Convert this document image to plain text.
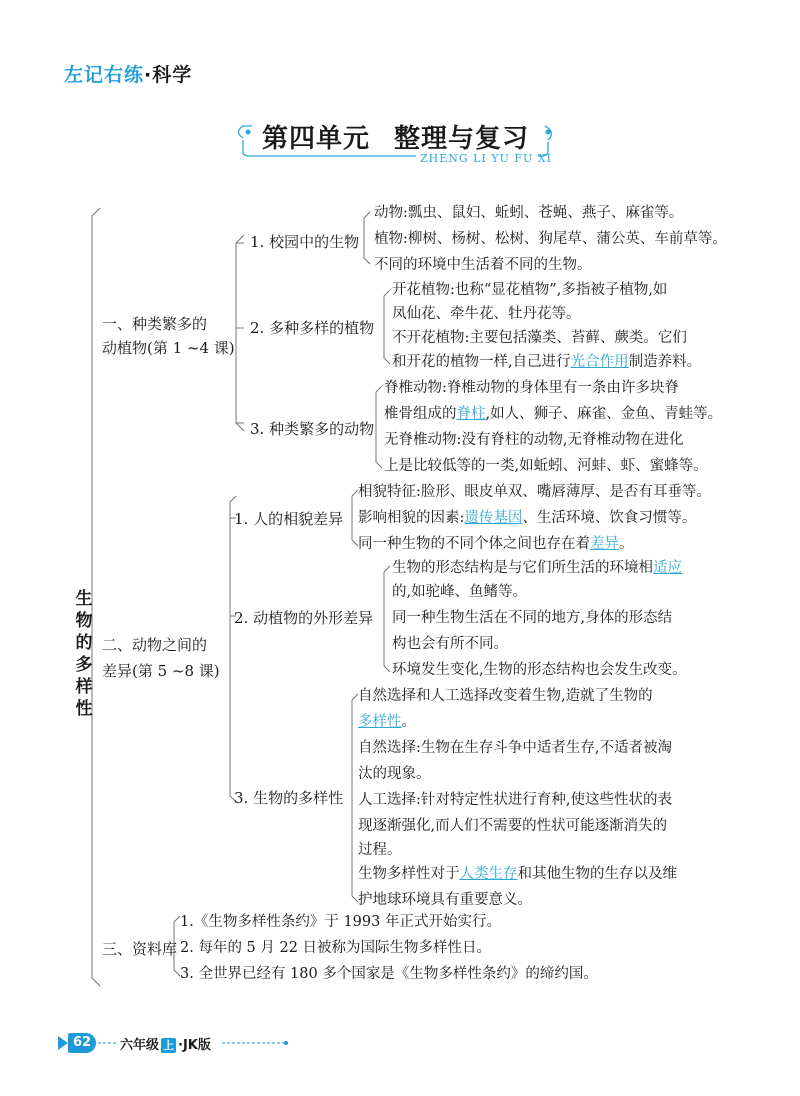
左记右练·科学
第四单元 整理与复习
ZHENG LI YU FU XI
生物的多样性
一、种类繁多的
动植物(第 1 ~4 课)
1. 校园中的生物
动物:瓢虫、鼠妇、蚯蚓、苍蝇、燕子、麻雀等。
植物:柳树、杨树、松树、狗尾草、蒲公英、车前草等。
不同的环境中生活着不同的生物。
2. 多种多样的植物
开花植物:也称“显花植物”,多指被子植物,如
凤仙花、牵牛花、牡丹花等。
不开花植物:主要包括藻类、苔藓、蕨类。它们
和开花的植物一样,自己进行光合作用制造养料。
3. 种类繁多的动物
脊椎动物:脊椎动物的身体里有一条由许多块脊
椎骨组成的脊柱,如人、狮子、麻雀、金鱼、青蛙等。
无脊椎动物:没有脊柱的动物,无脊椎动物在进化
上是比较低等的一类,如蚯蚓、河蚌、虾、蜜蜂等。
二、动物之间的
差异(第 5 ~8 课)
1. 人的相貌差异
相貌特征:脸形、眼皮单双、嘴唇薄厚、是否有耳垂等。
影响相貌的因素:遗传基因、生活环境、饮食习惯等。
同一种生物的不同个体之间也存在着差异。
2. 动植物的外形差异
生物的形态结构是与它们所生活的环境相适应
的,如驼峰、鱼鳍等。
同一种生物生活在不同的地方,身体的形态结
构也会有所不同。
环境发生变化,生物的形态结构也会发生改变。
3. 生物的多样性
自然选择和人工选择改变着生物,造就了生物的
多样性。
自然选择:生物在生存斗争中适者生存,不适者被淘
汰的现象。
人工选择:针对特定性状进行育种,使这些性状的表
现逐渐强化,而人们不需要的性状可能逐渐消失的
过程。
生物多样性对于人类生存和其他生物的生存以及维
护地球环境具有重要意义。
三、资料库
1.《生物多样性条约》于 1993 年正式开始实行。
2. 每年的 5 月 22 日被称为国际生物多样性日。
3. 全世界已经有 180 多个国家是《生物多样性条约》的缔约国。
62	六年级 上 ·JK版
